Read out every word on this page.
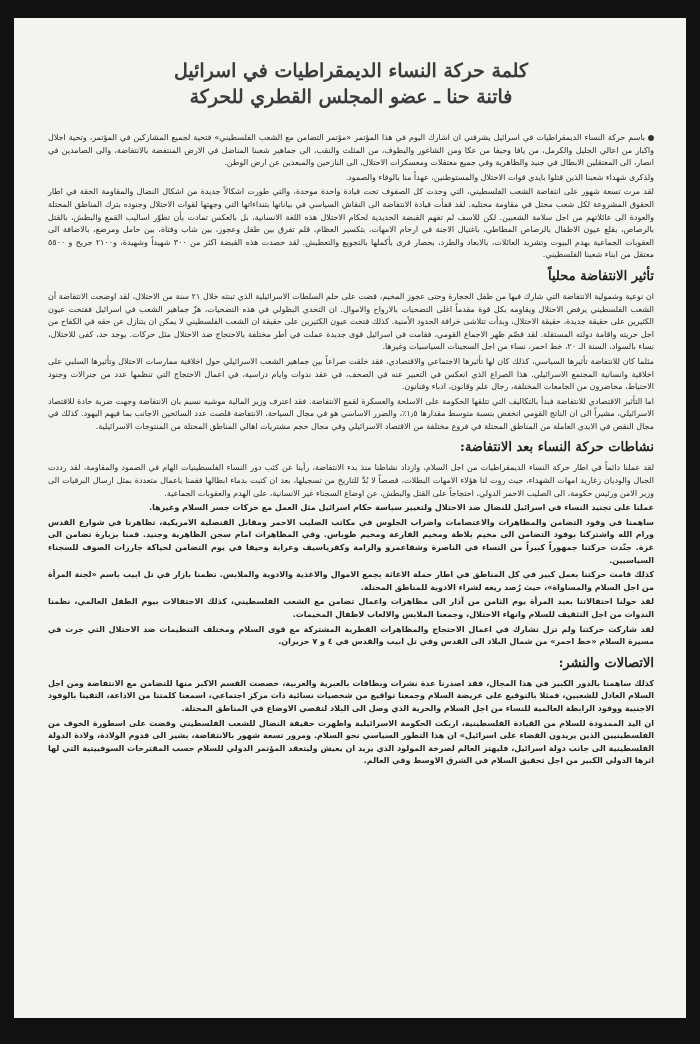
كلمة حركة النساء الديمقراطيات في اسرائيل
فاتنة حنا ـ عضو المجلس القطري للحركة

باسم حركة النساء الديمقراطيات في اسرائيل يشرفني ان اشارك اليوم في هذا المؤتمر «مؤتمر التضامن مع الشعب الفلسطيني» فتحية لجميع المشاركين في المؤتمر، وتحية اجلال واكبار من اعالي الجليل والكرمل، من يافا وحيفا من عكا ومن الشاغور والبطوف، من المثلث والنقب، الى جماهير شعبنا المناضل في الارض المنتفضة بالانتفاضة، والى الصامدين في انصار، الى المعتقلين الابطال في جنيد والظاهرية وفي جميع معتقلات ومعسكرات الاحتلال، الى النازحين والمبعدين عن ارض الوطن.

ولذكرى شهداء شعبنا الذين قتلوا بايدي قوات الاحتلال والمستوطنين، عهداً منا بالوفاء والصمود.

لقد مرت تسعة شهور على انتفاضة الشعب الفلسطيني، التي وحدت كل الصفوف تحت قيادة واحدة موحدة، والتي طورت اشكالاً جديدة من اشكال النضال والمقاومة الحقة في اطار الحقوق المشروعة لكل شعب محتل في مقاومة محتليه. لقد قفأت قيادة الانتفاضة الى النقاش السياسي في بياناتها بتنداءاتها التي وجهتها لقوات الاحتلال وجنوده بترك المناطق المحتلة والعودة الى عائلاتهم من اجل سلامة الشعبين. لكن للاسف لم تفهم القبضة الحديدية لحكام الاحتلال هذه اللغة الانسانية، بل بالعكس تمادت بأن تطوّر اساليب القمع والبطش، بالقتل بالرصاص، بقلع عيون الاطفال بالرصاص المطاطي، باغتيال الاجنة في ارحام الامهات، بتكسير العظام، قلم تفرق بين طفل وعجوز، بين شاب وفتاة، بين حامل ومرضع، بالاضافة الى العقوبات الجماعية بهدم البيوت وتشريد العائلات، بالابعاد والطرد، بحصار قرى بأكملها بالتجويع والتعطيش. لقد حصدت هذه القبضة اكثر من ٣٠٠ شهيداً وشهيدة، و٢١٠٠ جريح و ٥٥٠٠ معتقل من ابناء شعبنا الفلسطيني.

تأثير الانتفاضة محلياً

ان نوعية وشمولية الانتفاضة التي شارك فيها من طفل الحجارة وحتى عجوز المخيم، قضت على حلم السلطات الاسرائيلية الذي تبنته خلال ٢١ سنة من الاحتلال، لقد اوضحت الانتفاضة أن الشعب الفلسطيني يرفض الاحتلال ويقاومه بكل قوة مقدماً اغلى التضحيات بالارواح والاموال. ان التحدي البطولي في هذه التضحيات، هزّ جماهير الشعب في اسرائيل ففتحت عيون الكثيرين على حقيقة جديدة، حقيقة الاحتلال، وبدأت تتلاشى خرافة الحدود الأمنية. كذلك فتحت عيون الكثيرين على حقيقة ان الشعب الفلسطيني لا يمكن ان يتنازل عن حقه في الكفاح من اجل حريته واقامة دولته المستقلة. لقد قصّم ظهر الاجماع القومي، فقامت في اسرائيل قوى جديدة عملت في أطر مختلفة بالاحتجاج ضد الاحتلال مثل حركات. يوجد حد، كفى للاحتلال، نساء بالسواد، السنة الـ ٢٠، خط احمر، نساء من اجل السجينات السياسيات وغيرها.

مثلما كان للانتفاضة تأثيرها السياسي، كذلك كان لها تأثيرها الاجتماعي والاقتصادي، فقد خلقت صراعاً بين جماهير الشعب الاسرائيلي حول اخلاقية ممارسات الاحتلال وتأثيرها السلبي على اخلاقية وانسانية المجتمع الاسرائيلي. هذا الصراع الذي انعكس في التعبير عنه في الصحف، في عقد ندوات وايام دراسية، في اعمال الاحتجاج التي تنظمها عدد من جنرالات وجنود الاحتياط، محاضرون من الجامعات المختلفة، رجال علم وقانون، ادباء وفنانون.

اما التأثير الاقتصادي للانتفاضة فبدأ بالتكاليف التي تتلقها الحكومة على الاسلحة والعسكرة لقمع الانتفاضة. فقد اعترف وزير المالية موشيه نسيم بان الانتفاضة وجهت ضربة حادة للاقتصاد الاسرائيلي، مشيراً الى ان الناتج القومي انخفض بنسبة متوسط مقدارها ١٫٥٪، والضرر الاساسي هو في مجال السياحة، الانتفاضة قلصت عدد السائحين الاجانب بما فيهم اليهود. كذلك في مجال النقص في الايدي العاملة من المناطق المحتلة في فروع مختلفة من الاقتصاد الاسرائيلي وفي مجال حجم مشتريات اهالي المناطق المحتلة من المنتوجات الاسرائيلية.

نشاطات حركة النساء بعد الانتفاضة:

لقد عملنا دائماً في اطار حركة النساء الديمقراطيات من اجل السلام، وازداد نشاطنا منذ بدء الانتفاضة، رأينا عن كثب دور النساء الفلسطينيات الهام في الصمود والمقاومة، لقد رددت الجبال والوديان زغاريد امهات الشهداء، حيث روت لنا هؤلاء الامهات البطلات، قصصاً لا بُدَّ للتاريخ من تسجيلها، بعد ان كتبت بدماء ابطالها فقمنا باعمال متعددة بمثل ارسال البرقيات الى وزير الامن ورئيس حكومة، الى الصليب الاحمر الدولي، احتجاجاً على القتل والبطش، عن اوضاع السجناء غير الانسانية، على الهدم والعقوبات الجماعية.

عملنا على تجنيد النساء في اسرائيل للنضال ضد الاحتلال ولتغيير سياسة حكام اسرائيل مثل العمل مع حركات جسر السلام وغيرها.

ساهمنا في وفود التضامن والمظاهرات والاعتصامات واضراب الجلوس في مكاتب الصليب الاحمر ومقابل القنصلية الامريكية، تظاهرنا في شوارع القدس ورام الله واشتركنا بوفود التضامن الى مخيم بلاطة ومخيم الفارعة ومخيم طوباس. وفي المظاهرات امام سجن الظاهرية وجنيد. قمنا بزيارة تضامن الى غزة. جنّدت حركتنا جمهوراً كبيراً من النساء في الناصرة وشفاعمرو والرامة وكفرياسيف وعرابة وحيفا في يوم التضامن لحياكة جارزات الصوف للسجناء السياسيين.

كذلك قامت حركتنا بعمل كبير في كل المناطق في اطار حملة الاغاثة بجمع الاموال والاغذية والادوية والملابس. نظمنا بازار في تل ابيب باسم «لجنة المرأة من اجل السلام والمساواة»، حيث رُصد ريعه لشراء الادوية للمناطق المحتلة.

لقد حولنا احتفالاتنا بعيد المرأة يوم الثامن من آذار الى مظاهرات واعمال تضامن مع الشعب الفلسطيني، كذلك الاحتفالات بيوم الطفل العالمي، نظمنا الندوات من اجل التثقيف للسلام وانهاء الاحتلال، وجمعنا الملابس والالعاب لاطفال المخيمات.

لقد شاركت حركتنا ولم تزل تشارك في اعمال الاحتجاج والمظاهرات القطرية المشتركة مع قوى السلام ومختلف التنظيمات ضد الاحتلال التي جرت في مسيرة السلام «خط احمر» من شمال البلاد الى القدس وفي تل ابيب والقدس في ٤ و ٧ حزيران.

الاتصالات والنشر:

كذلك ساهمنا بالدور الكبير في هذا المجال، فقد اصدرنا عدة نشرات وبطاقات بالعبرية والعربية، خصصت القسم الاكبر منها للتضامن مع الانتفاضة ومن اجل السلام العادل للشعبين، فمثلا بالتوقيع على عريضة السلام وجمعنا تواقيع من شخصيات نسائية ذات مركز اجتماعي، اسمعنا كلمتنا من الاذاعة، التقينا بالوفود الاجنبية ووفود الرابطة العالمية للنساء من اجل السلام والحرية الذي وصل الى البلاد لتقصي الاوضاع في المناطق المحتلة.

ان اليد الممدودة للسلام من القيادة الفلسطينية، اربكت الحكومة الاسرائيلية واظهرت حقيقة النضال للشعب الفلسطيني وقضت على اسطورة الخوف من الفلسطينيين الذين يريدون القضاء على اسرائيل» ان هذا التطور السياسي نحو السلام. ومرور تسعة شهور بالانتفاضة، بشير الى قدوم الولادة، ولادة الدولة الفلسطينية الى جانب دولة اسرائيل، فليهتز العالم لصرخة المولود الذي يريد ان يعيش وليتعقد المؤتمر الدولي للسلام حسب المقترحات السوفييتية التي لها اثرها الدولي الكبير من اجل تحقيق السلام في الشرق الاوسط وفي العالم.
